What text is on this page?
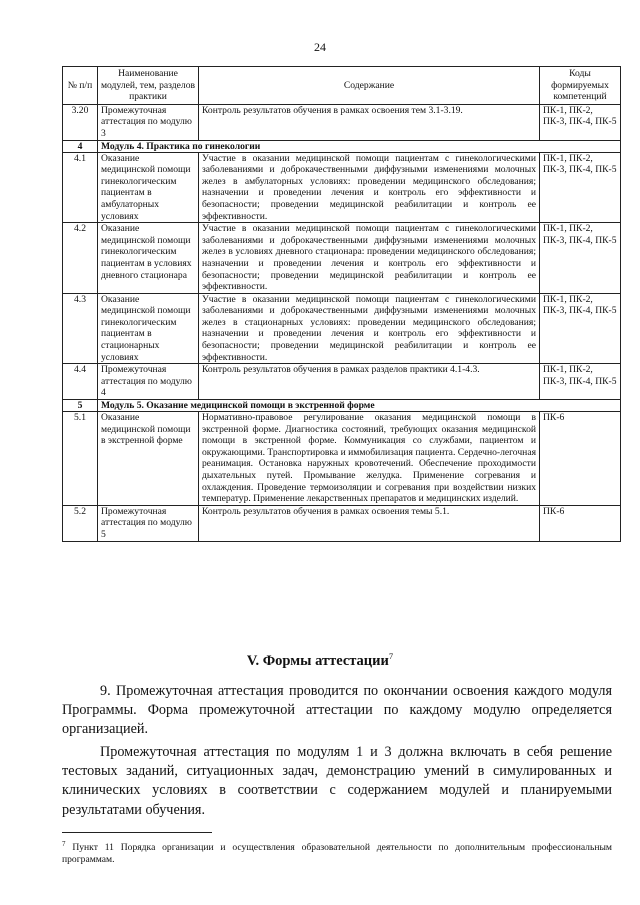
24
№ п/п	Наименование модулей, тем, разделов практики	Содержание	Коды формируемых компетенций
3.20	Промежуточная аттестация по модулю 3	Контроль результатов обучения в рамках освоения тем 3.1-3.19.	ПК-1, ПК-2, ПК-3, ПК-4, ПК-5
4	Модуль 4. Практика по гинекологии		
4.1	Оказание медицинской помощи гинекологическим пациентам в амбулаторных условиях	Участие в оказании медицинской помощи пациентам с гинекологическими заболеваниями и доброкачественными диффузными изменениями молочных желез в амбулаторных условиях: проведении медицинского обследования; назначении и проведении лечения и контроль его эффективности и безопасности; проведении медицинской реабилитации и контроль ее эффективности.	ПК-1, ПК-2, ПК-3, ПК-4, ПК-5
4.2	Оказание медицинской помощи гинекологическим пациентам в условиях дневного стационара	Участие в оказании медицинской помощи пациентам с гинекологическими заболеваниями и доброкачественными диффузными изменениями молочных желез в условиях дневного стационара: проведении медицинского обследования; назначении и проведении лечения и контроль его эффективности и безопасности; проведении медицинской реабилитации и контроль ее эффективности.	ПК-1, ПК-2, ПК-3, ПК-4, ПК-5
4.3	Оказание медицинской помощи гинекологическим пациентам в стационарных условиях	Участие в оказании медицинской помощи пациентам с гинекологическими заболеваниями и доброкачественными диффузными изменениями молочных желез в стационарных условиях: проведении медицинского обследования; назначении и проведении лечения и контроль его эффективности и безопасности; проведении медицинской реабилитации и контроль ее эффективности.	ПК-1, ПК-2, ПК-3, ПК-4, ПК-5
4.4	Промежуточная аттестация по модулю 4	Контроль результатов обучения в рамках разделов практики 4.1-4.3.	ПК-1, ПК-2, ПК-3, ПК-4, ПК-5
5	Модуль 5. Оказание медицинской помощи в экстренной форме		
5.1	Оказание медицинской помощи в экстренной форме	Нормативно-правовое регулирование оказания медицинской помощи в экстренной форме. Диагностика состояний, требующих оказания медицинской помощи в экстренной форме. Коммуникация со службами, пациентом и окружающими. Транспортировка и иммобилизация пациента. Сердечно-легочная реанимация. Остановка наружных кровотечений. Обеспечение проходимости дыхательных путей. Промывание желудка. Применение согревания и охлаждения. Проведение термоизоляции и согревания при воздействии низких температур. Применение лекарственных препаратов и медицинских изделий.	ПК-6
5.2	Промежуточная аттестация по модулю 5	Контроль результатов обучения в рамках освоения темы 5.1.	ПК-6
V. Формы аттестации$^7$

9. Промежуточная аттестация проводится по окончании освоения каждого модуля Программы. Форма промежуточной аттестации по каждому модулю определяется организацией.

Промежуточная аттестация по модулям 1 и 3 должна включать в себя решение тестовых заданий, ситуационных задач, демонстрацию умений в симулированных и клинических условиях в соответствии с содержанием модулей и планируемыми результатами обучения.

$^7$ Пункт 11 Порядка организации и осуществления образовательной деятельности по дополнительным профессиональным программам.
